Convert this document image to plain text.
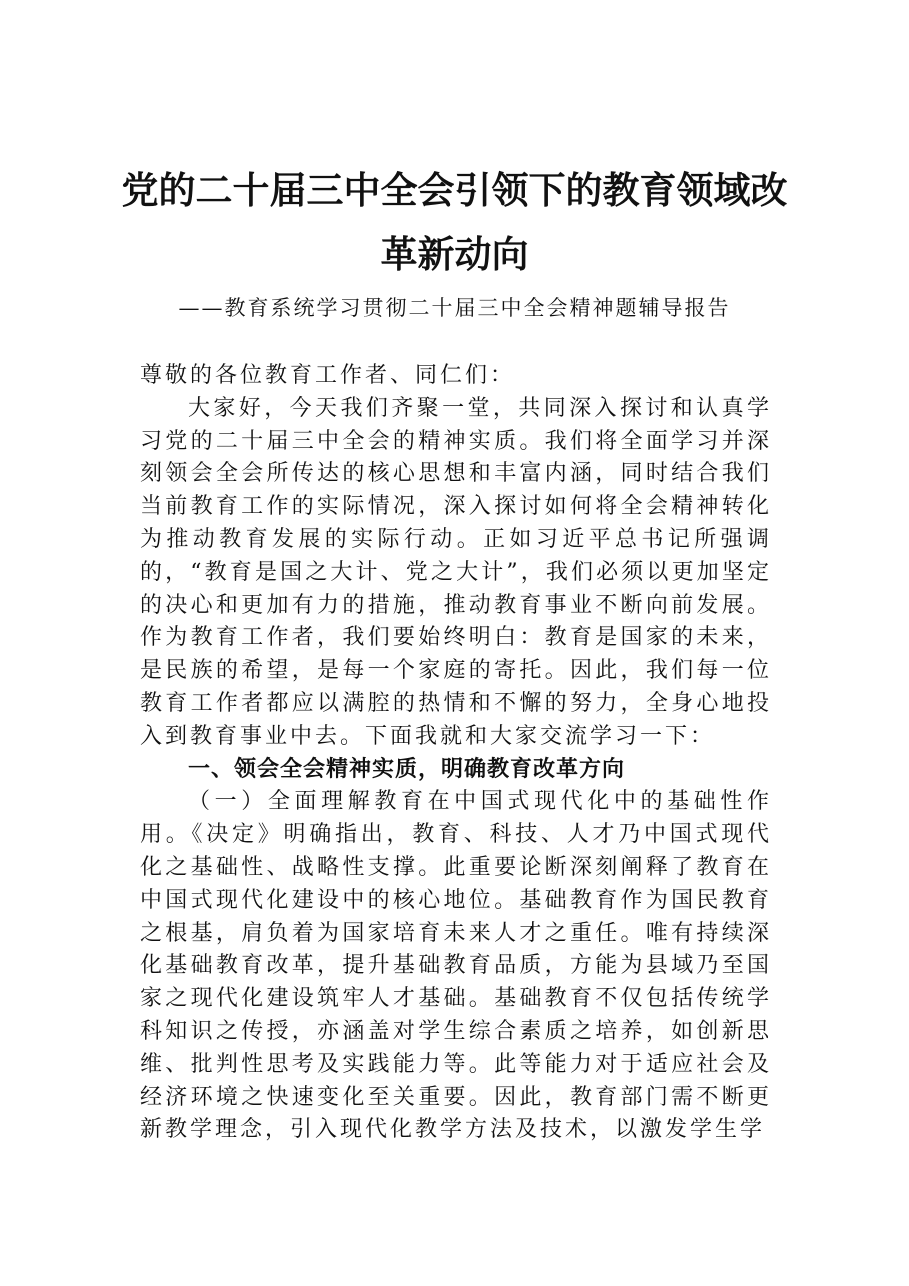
党的二十届三中全会引领下的教育领域改
革新动向

——教育系统学习贯彻二十届三中全会精神题辅导报告

尊敬的各位教育工作者、同仁们：

大家好，今天我们齐聚一堂，共同深入探讨和认真学习党的二十届三中全会的精神实质。我们将全面学习并深刻领会全会所传达的核心思想和丰富内涵，同时结合我们当前教育工作的实际情况，深入探讨如何将全会精神转化为推动教育发展的实际行动。正如习近平总书记所强调的，“教育是国之大计、党之大计”，我们必须以更加坚定的决心和更加有力的措施，推动教育事业不断向前发展。作为教育工作者，我们要始终明白：教育是国家的未来，是民族的希望，是每一个家庭的寄托。因此，我们每一位教育工作者都应以满腔的热情和不懈的努力，全身心地投入到教育事业中去。下面我就和大家交流学习一下：

一、领会全会精神实质，明确教育改革方向

（一）全面理解教育在中国式现代化中的基础性作用。《决定》明确指出，教育、科技、人才乃中国式现代化之基础性、战略性支撑。此重要论断深刻阐释了教育在中国式现代化建设中的核心地位。基础教育作为国民教育之根基，肩负着为国家培育未来人才之重任。唯有持续深化基础教育改革，提升基础教育品质，方能为县域乃至国家之现代化建设筑牢人才基础。基础教育不仅包括传统学科知识之传授，亦涵盖对学生综合素质之培养，如创新思维、批判性思考及实践能力等。此等能力对于适应社会及经济环境之快速变化至关重要。因此，教育部门需不断更新教学理念，引入现代化教学方法及技术，以激发学生学
